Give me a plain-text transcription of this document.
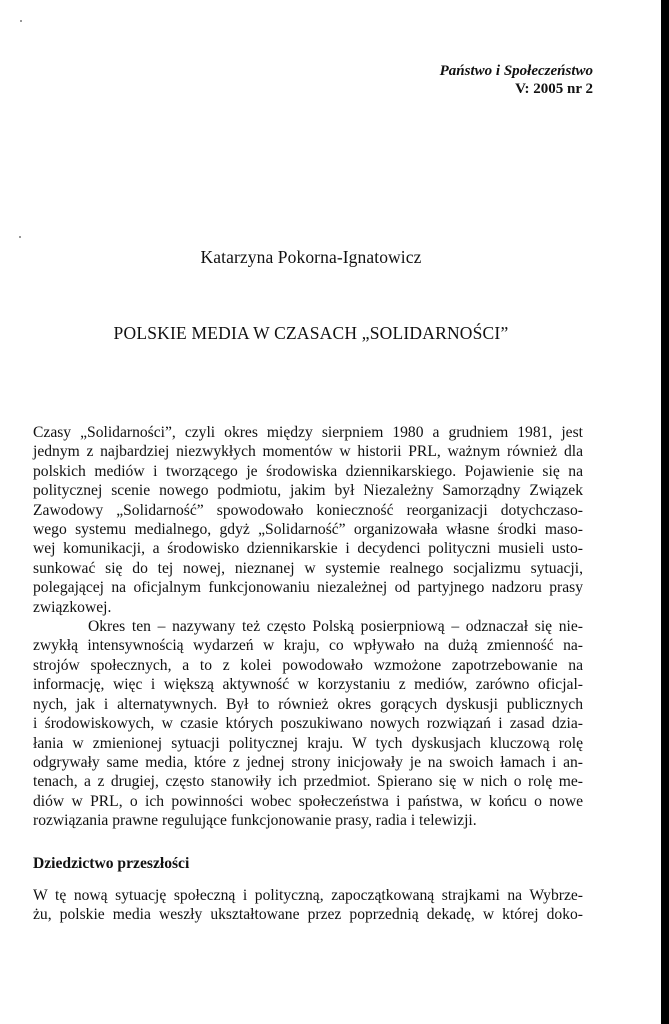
Państwo i Społeczeństwo
V: 2005 nr 2
Katarzyna Pokorna-Ignatowicz
POLSKIE MEDIA W CZASACH „SOLIDARNOŚCI”
Czasy „Solidarności”, czyli okres między sierpniem 1980 a grudniem 1981, jest
jednym z najbardziej niezwykłych momentów w historii PRL, ważnym również dla
polskich mediów i tworzącego je środowiska dziennikarskiego. Pojawienie się na
politycznej scenie nowego podmiotu, jakim był Niezależny Samorządny Związek
Zawodowy „Solidarność” spowodowało konieczność reorganizacji dotychczaso-
wego systemu medialnego, gdyż „Solidarność” organizowała własne środki maso-
wej komunikacji, a środowisko dziennikarskie i decydenci polityczni musieli usto-
sunkować się do tej nowej, nieznanej w systemie realnego socjalizmu sytuacji,
polegającej na oficjalnym funkcjonowaniu niezależnej od partyjnego nadzoru prasy
związkowej.
Okres ten – nazywany też często Polską posierpniową – odznaczał się nie-
zwykłą intensywnością wydarzeń w kraju, co wpływało na dużą zmienność na-
strojów społecznych, a to z kolei powodowało wzmożone zapotrzebowanie na
informację, więc i większą aktywność w korzystaniu z mediów, zarówno oficjal-
nych, jak i alternatywnych. Był to również okres gorących dyskusji publicznych
i środowiskowych, w czasie których poszukiwano nowych rozwiązań i zasad dzia-
łania w zmienionej sytuacji politycznej kraju. W tych dyskusjach kluczową rolę
odgrywały same media, które z jednej strony inicjowały je na swoich łamach i an-
tenach, a z drugiej, często stanowiły ich przedmiot. Spierano się w nich o rolę me-
diów w PRL, o ich powinności wobec społeczeństwa i państwa, w końcu o nowe
rozwiązania prawne regulujące funkcjonowanie prasy, radia i telewizji.
Dziedzictwo przeszłości
W tę nową sytuację społeczną i polityczną, zapoczątkowaną strajkami na Wybrze-
żu, polskie media weszły ukształtowane przez poprzednią dekadę, w której doko-
